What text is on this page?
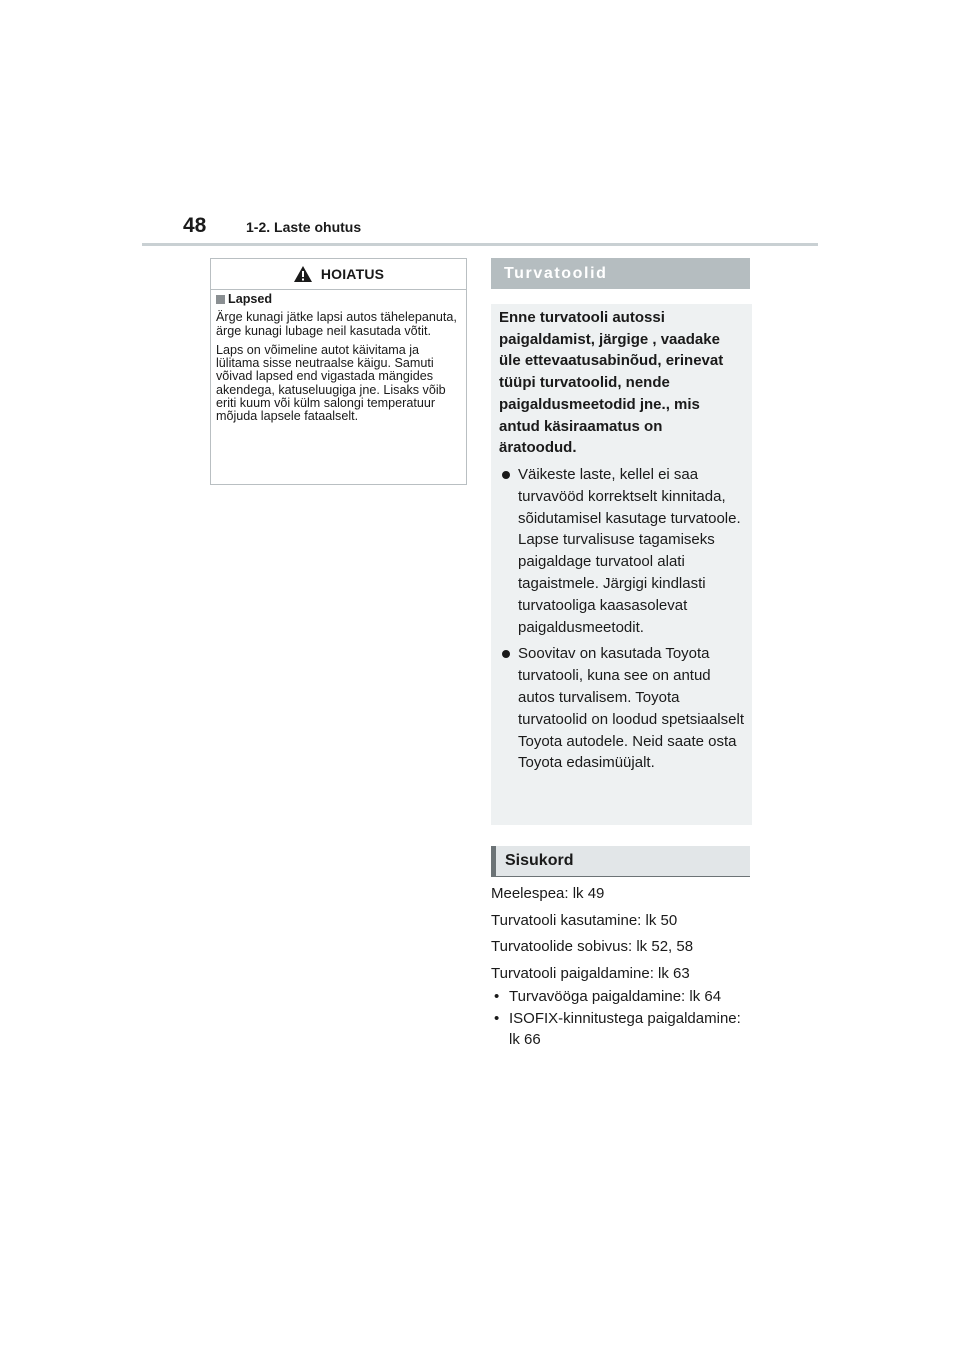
48	1-2. Laste ohutus
HOIATUS
Lapsed

Ärge kunagi jätke lapsi autos tähelepanuta, ärge kunagi lubage neil kasutada võtit.

Laps on võimeline autot käivitama ja lülitama sisse neutraalse käigu. Samuti võivad lapsed end vigastada mängides akendega, katuseluugiga jne. Lisaks võib eriti kuum või külm salongi temperatuur mõjuda lapsele fataalselt.

Turvatoolid
Enne turvatooli autossi paigaldamist, järgige , vaadake üle ettevaatusabinõud, erinevat tüüpi turvatoolid, nende paigaldusmeetodid jne., mis antud käsiraamatus on äratoodud.
Väikeste laste, kellel ei saa turvavööd korrektselt kinnitada, sõidutamisel kasutage turvatoole. Lapse turvalisuse tagamiseks paigaldage turvatool alati tagaistmele. Järgigi kindlasti turvatooliga kaasasolevat paigaldusmeetodit.
Soovitav on kasutada Toyota turvatooli, kuna see on antud autos turvalisem. Toyota turvatoolid on loodud spetsiaalselt Toyota autodele. Neid saate osta Toyota edasimüüjalt.
Sisukord
Meelespea: lk 49
Turvatooli kasutamine: lk 50
Turvatoolide sobivus: lk 52, 58
Turvatooli paigaldamine: lk 63
• Turvavööga paigaldamine: lk 64
• ISOFIX-kinnitustega paigaldamine: lk 66
